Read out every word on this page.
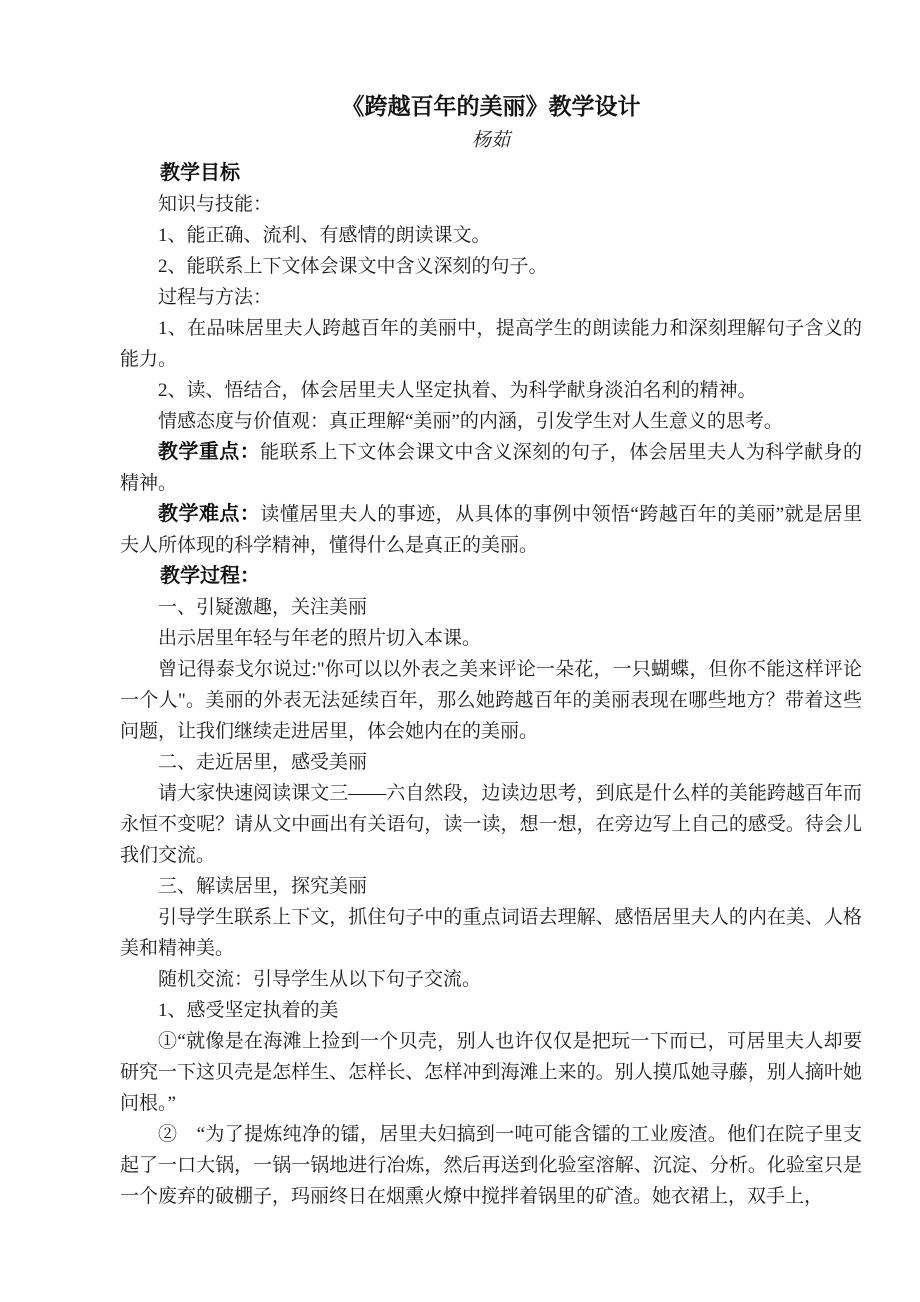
《跨越百年的美丽》教学设计

杨茹

教学目标

知识与技能：

1、能正确、流利、有感情的朗读课文。

2、能联系上下文体会课文中含义深刻的句子。

过程与方法：

1、在品味居里夫人跨越百年的美丽中，提高学生的朗读能力和深刻理解句子含义的能力。

2、读、悟结合，体会居里夫人坚定执着、为科学献身淡泊名利的精神。

情感态度与价值观：真正理解“美丽”的内涵，引发学生对人生意义的思考。

教学重点：能联系上下文体会课文中含义深刻的句子，体会居里夫人为科学献身的精神。

教学难点：读懂居里夫人的事迹，从具体的事例中领悟“跨越百年的美丽”就是居里夫人所体现的科学精神，懂得什么是真正的美丽。

教学过程：

一、引疑激趣，关注美丽

出示居里年轻与年老的照片切入本课。

曾记得泰戈尔说过:"你可以以外表之美来评论一朵花，一只蝴蝶，但你不能这样评论一个人"。美丽的外表无法延续百年，那么她跨越百年的美丽表现在哪些地方？带着这些问题，让我们继续走进居里，体会她内在的美丽。

二、走近居里，感受美丽

请大家快速阅读课文三——六自然段，边读边思考，到底是什么样的美能跨越百年而永恒不变呢？请从文中画出有关语句，读一读，想一想，在旁边写上自己的感受。待会儿我们交流。

三、解读居里，探究美丽

引导学生联系上下文，抓住句子中的重点词语去理解、感悟居里夫人的内在美、人格美和精神美。

随机交流：引导学生从以下句子交流。

1、感受坚定执着的美

①“就像是在海滩上捡到一个贝壳，别人也许仅仅是把玩一下而已，可居里夫人却要研究一下这贝壳是怎样生、怎样长、怎样冲到海滩上来的。别人摸瓜她寻藤，别人摘叶她问根。”

②　“为了提炼纯净的镭，居里夫妇搞到一吨可能含镭的工业废渣。他们在院子里支起了一口大锅，一锅一锅地进行冶炼，然后再送到化验室溶解、沉淀、分析。化验室只是一个废弃的破棚子，玛丽终日在烟熏火燎中搅拌着锅里的矿渣。她衣裙上，双手上，
